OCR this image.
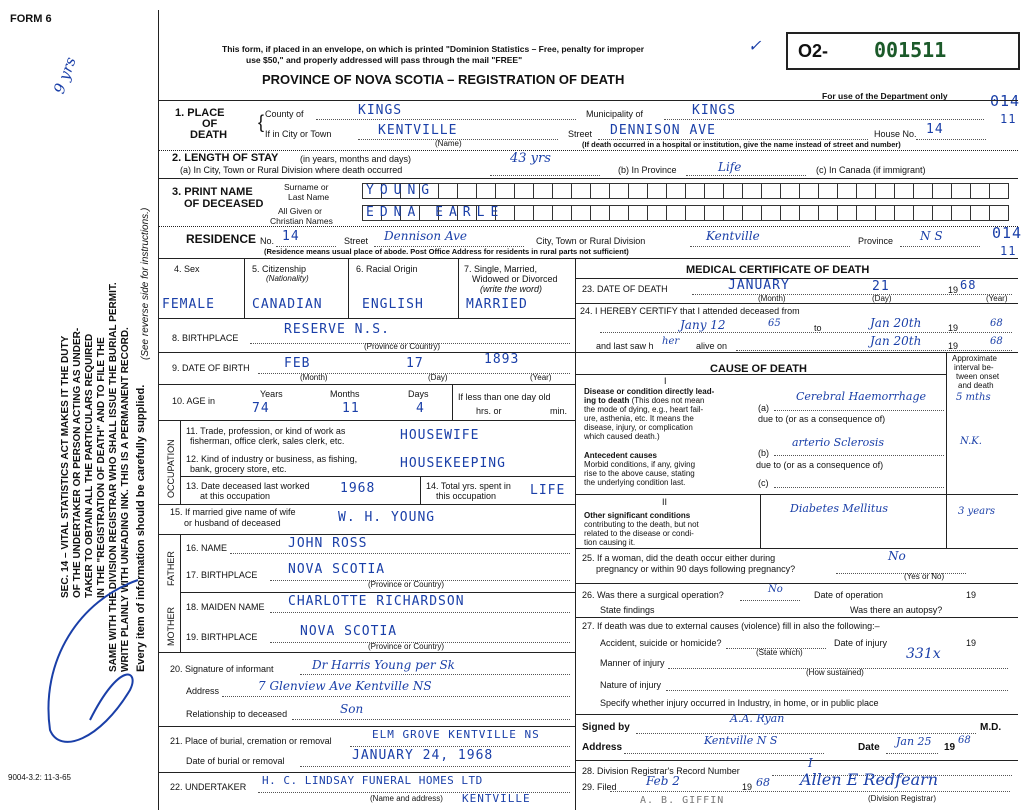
FORM 6
This form, if placed in an envelope, on which is printed "Dominion Statistics – Free, penalty for improper
use $50," and properly addressed will pass through the mail "FREE"
PROVINCE OF NOVA SCOTIA – REGISTRATION OF DEATH
O2- 001511
✓
For use of the Department only	014
11
9 yrs
SEC. 14 – VITAL STATISTICS ACT MAKES IT THE DUTY OF THE UNDERTAKER OR PERSON ACTING AS UNDER- TAKER TO OBTAIN ALL THE PARTICULARS REQUIRED IN THE "REGISTRATION OF DEATH" AND TO FILE THE SAME WITH THE DIVISION REGISTRAR WHO SHALL ISSUE THE BURIAL PERMIT. WRITE PLAINLY WITH UNFADING INK. THIS IS A PERMANENT RECORD. Every item of information should be carefully supplied.
(See reverse side for instructions.)
9004-3.2: 11-3-65
1. PLACE
OF
DEATH
{ County of	KINGS	Municipality of	KINGS
If in City or Town	KENTVILLE
(Name)
Street DENNISON AVE	House No. 14
(If death occurred in a hospital or institution, give the name instead of street and number)
2. LENGTH OF STAY (in years, months and days)
(a) In City, Town or Rural Division where death occurred
43 yrs
(b) In Province	Life	(c) In Canada (if immigrant)
3. PRINT NAME
OF DECEASED
Surname or
Last Name
All Given or
Christian Names
YOUNG
EDNA EARLE
RESIDENCE No. 14	Street Dennison Ave	City, Town or Rural Division	Kentville	Province N S	014
11
(Residence means usual place of abode. Post Office Address for residents in rural parts not sufficient)
4. Sex	5. Citizenship
(Nationality)
6. Racial Origin	7. Single, Married,
Widowed or Divorced
(write the word)
FEMALE	CANADIAN	ENGLISH	MARRIED
8. BIRTHPLACE
RESERVE N.S.
(Province or Country)
9. DATE OF BIRTH	FEB	17	1893
(Month)	(Day)	(Year)
10. AGE in
Years	Months	Days
74	11	4
If less than one day old
hrs. or	min.
OCCUPATION
11. Trade, profession, or kind of work as
fisherman, office clerk, sales clerk, etc.	HOUSEWIFE
12. Kind of industry or business, as fishing,
bank, grocery store, etc.	HOUSEKEEPING
13. Date deceased last worked
at this occupation	1968	14. Total yrs. spent in
this occupation	LIFE
15. If married give name of wife
or husband of deceased	W. H. YOUNG
FATHER
16. NAME	JOHN ROSS
17. BIRTHPLACE NOVA SCOTIA
(Province or Country)
MOTHER 18. MAIDEN NAME CHARLOTTE RICHARDSON
19. BIRTHPLACE	NOVA SCOTIA
(Province or Country)
20. Signature of informant	Dr Harris Young per Sk
Address	7 Glenview Ave Kentville NS
Relationship to deceased	Son
21. Place of burial, cremation or removal	ELM GROVE KENTVILLE NS
Date of burial or removal	JANUARY 24, 1968
22. UNDERTAKER H. C. LINDSAY FUNERAL HOMES LTD
(Name and address) KENTVILLE
MEDICAL CERTIFICATE OF DEATH
23. DATE OF DEATH	JANUARY	21	19 68
(Month)	(Day)	(Year)
24. I HEREBY CERTIFY that I attended deceased from
Jany 12	65	to	Jan 20th	19	68
and last saw h her alive on	Jan 20th	19	68
CAUSE OF DEATH
Approximate
interval be-
tween onset
and death
I
Disease or condition directly lead-
ing to death (This does not mean
the mode of dying, e.g., heart fail-
ure, asthenia, etc. It means the
disease, injury, or complication
which caused death.)
(a)
Cerebral Haemorrhage	5 mths
due to (or as a consequence of)
Antecedent causes
Morbid conditions, if any, giving
rise to the above cause, stating
the underlying condition last.
(b)
arterio Sclerosis	N.K.
due to (or as a consequence of)
(c)
II
Other significant conditions
contributing to the death, but not
related to the disease or condi-
tion causing it.
Diabetes Mellitus	3 years
25. If a woman, did the death occur either during
pregnancy or within 90 days following pregnancy?
No
(Yes or No)
26. Was there a surgical operation?	No	Date of operation	19
State findings	Was there an autopsy?
27. If death was due to external causes (violence) fill in also the following:–
Accident, suicide or homicide?	Date of injury	19
(State which)	331x
Manner of injury
(How sustained)
Nature of injury
Specify whether injury occurred in Industry, in home, or in public place
Signed by
A.A. Ryan
M.D.
Address
Kentville N S
Date Jan 25 19
68
28. Division Registrar's Record Number
I
29. Filed Feb 2	19 68 Allen E Redfearn
(Division Registrar)
A. B. GIFFIN
